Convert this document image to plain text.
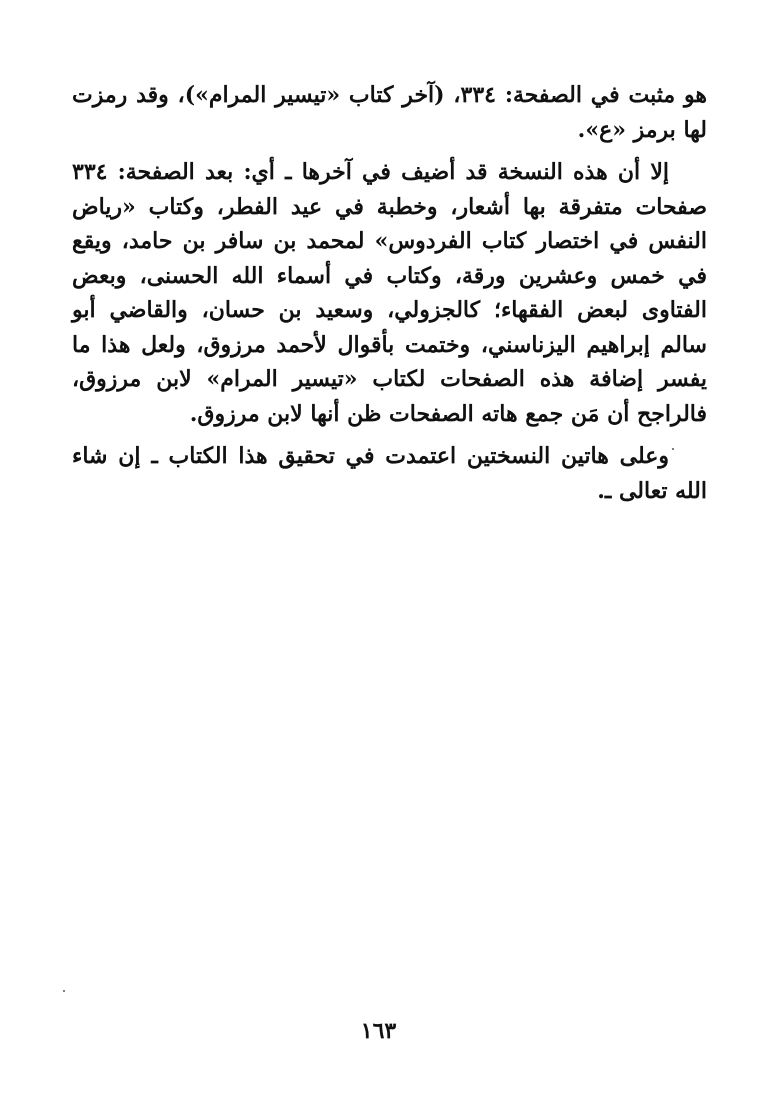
هو مثبت في الصفحة: ٣٣٤، (آخر كتاب «تيسير المرام»)، وقد رمزت لها برمز «ع».

إلا أن هذه النسخة قد أضيف في آخرها ـ أي: بعد الصفحة: ٣٣٤ صفحات متفرقة بها أشعار، وخطبة في عيد الفطر، وكتاب «رياض النفس في اختصار كتاب الفردوس» لمحمد بن سافر بن حامد، ويقع في خمس وعشرين ورقة، وكتاب في أسماء الله الحسنى، وبعض الفتاوى لبعض الفقهاء؛ كالجزولي، وسعيد بن حسان، والقاضي أبو سالم إبراهيم اليزناسني، وختمت بأقوال لأحمد مرزوق، ولعل هذا ما يفسر إضافة هذه الصفحات لكتاب «تيسير المرام» لابن مرزوق، فالراجح أن مَن جمع هاته الصفحات ظن أنها لابن مرزوق.

وعلى هاتين النسختين اعتمدت في تحقيق هذا الكتاب ـ إن شاء الله تعالى ـ.

١٦٣
